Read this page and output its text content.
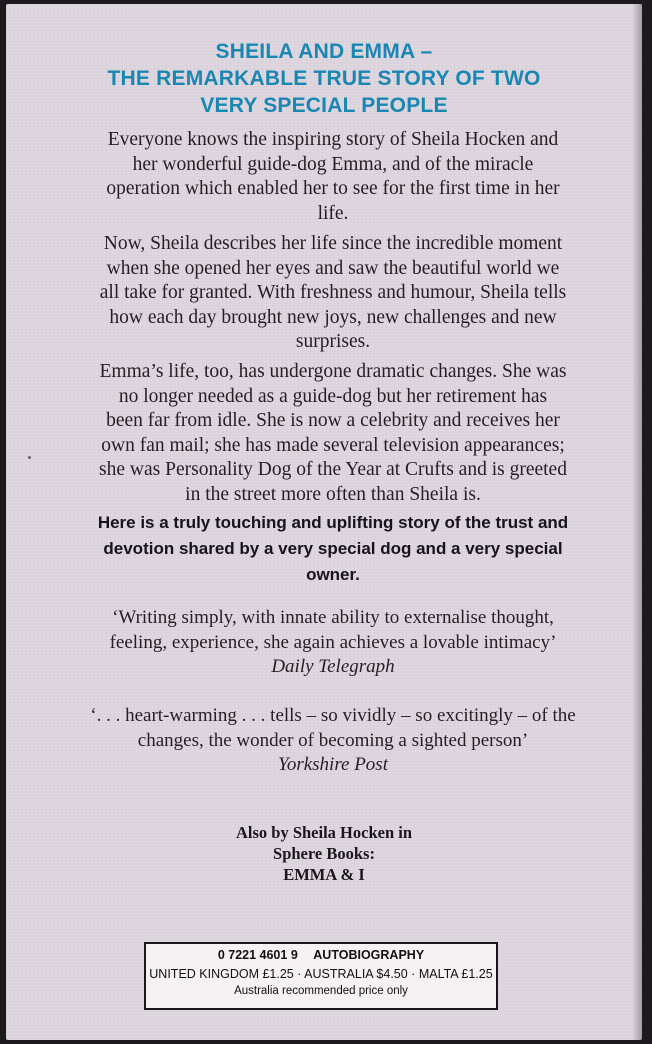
SHEILA AND EMMA –
THE REMARKABLE TRUE STORY OF TWO
VERY SPECIAL PEOPLE
Everyone knows the inspiring story of Sheila Hocken and
her wonderful guide-dog Emma, and of the miracle
operation which enabled her to see for the first time in her
life.
Now, Sheila describes her life since the incredible moment
when she opened her eyes and saw the beautiful world we
all take for granted. With freshness and humour, Sheila tells
how each day brought new joys, new challenges and new
surprises.
Emma’s life, too, has undergone dramatic changes. She was
no longer needed as a guide-dog but her retirement has
been far from idle. She is now a celebrity and receives her
own fan mail; she has made several television appearances;
she was Personality Dog of the Year at Crufts and is greeted
in the street more often than Sheila is.
Here is a truly touching and uplifting story of the trust and
devotion shared by a very special dog and a very special
owner.
‘Writing simply, with innate ability to externalise thought,
feeling, experience, she again achieves a lovable intimacy’
Daily Telegraph
‘. . . heart-warming . . . tells – so vividly – so excitingly – of the
changes, the wonder of becoming a sighted person’
Yorkshire Post
Also by Sheila Hocken in
Sphere Books:
EMMA & I
0 7221 4601 9 AUTOBIOGRAPHY
UNITED KINGDOM £1.25 · AUSTRALIA $4.50 · MALTA £1.25
Australia recommended price only
